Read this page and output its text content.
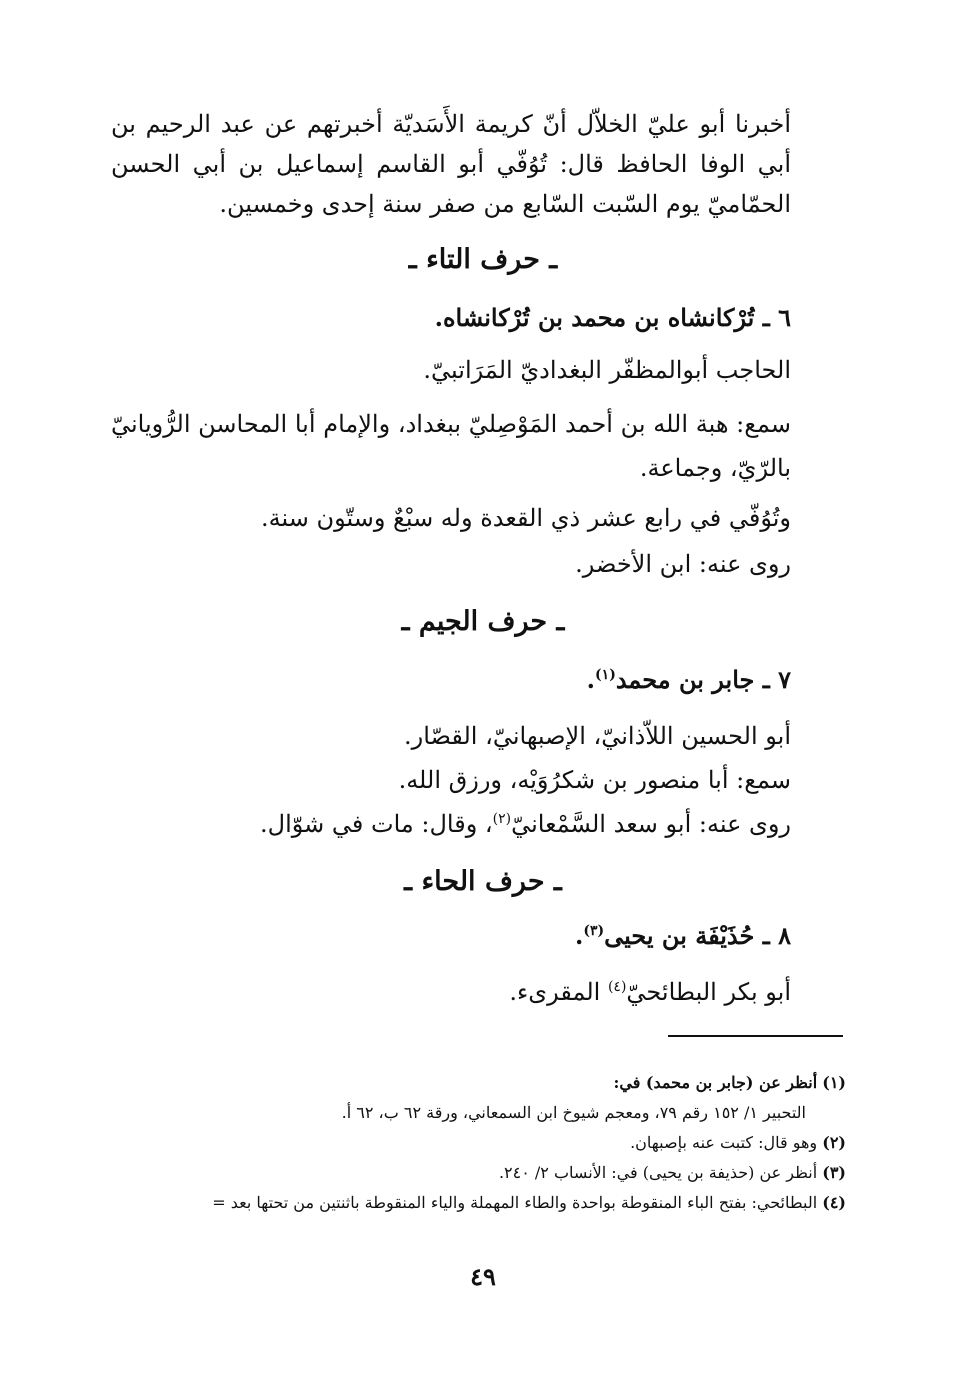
أخبرنا أبو عليّ الخلاّل أنّ كريمة الأَسَديّة أخبرتهم عن عبد الرحيم بن أبي الوفا الحافظ قال: تُوُفّي أبو القاسم إسماعيل بن أبي الحسن الحمّاميّ يوم السّبت السّابع من صفر سنة إحدى وخمسين.
ـ حرف التاء ـ
٦ ـ تُرْكانشاه بن محمد بن تُرْكانشاه.
الحاجب أبوالمظفّر البغداديّ المَرَاتبيّ.
سمع: هبة الله بن أحمد المَوْصِليّ ببغداد، والإمام أبا المحاسن الرُّويانيّ بالرّيّ، وجماعة.
وتُوُفّي في رابع عشر ذي القعدة وله سبْعٌ وستّون سنة.
روى عنه: ابن الأخضر.
ـ حرف الجيم ـ
٧ ـ جابر بن محمد$^{(١)}$.
أبو الحسين اللاّذانيّ، الإصبهانيّ، القصّار.
سمع: أبا منصور بن شكرُوَيْه، ورزق الله.
روى عنه: أبو سعد السَّمْعانيّ$^{(٢)}$، وقال: مات في شوّال.
ـ حرف الحاء ـ
٨ ـ حُذَيْفَة بن يحيى$^{(٣)}$.
أبو بكر البطائحيّ$^{(٤)}$ المقرىء.
(١) أنظر عن (جابر بن محمد) في:
التحبير ١/ ١٥٢ رقم ٧٩، ومعجم شيوخ ابن السمعاني، ورقة ٦٢ ب، ٦٢ أ.
(٢) وهو قال: كتبت عنه بإصبهان.
(٣) أنظر عن (حذيفة بن يحيى) في: الأنساب ٢/ ٢٤٠.
(٤) البطائحي: بفتح الباء المنقوطة بواحدة والطاء المهملة والياء المنقوطة باثنتين من تحتها بعد =
٤٩
